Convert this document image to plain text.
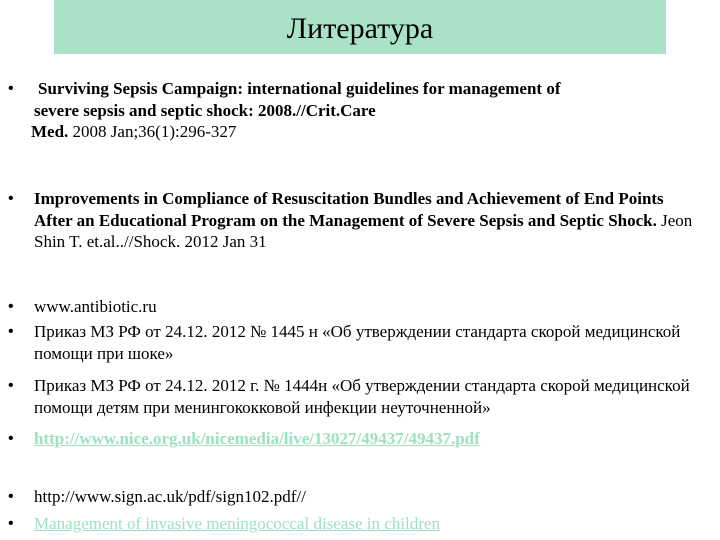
Литература
•	Surviving Sepsis Campaign: international guidelines for management of
severe sepsis and septic shock: 2008.//Crit.Care

Med. 2008 Jan;36(1):296-327
•	Improvements in Compliance of Resuscitation Bundles and Achievement of End Points After an Educational Program on the Management of Severe Sepsis and Septic Shock. Jeon Shin T. et.al..//Shock. 2012 Jan 31
•	www.antibiotic.ru
•	Приказ МЗ РФ от 24.12. 2012 № 1445 н «Об утверждении стандарта скорой медицинской помощи при шоке»
•	Приказ МЗ РФ от 24.12. 2012 г. № 1444н «Об утверждении стандарта скорой медицинской помощи детям при менингококковой инфекции неуточненной»
•	http://www.nice.org.uk/nicemedia/live/13027/49437/49437.pdf
•	http://www.sign.ac.uk/pdf/sign102.pdf//
•	Management of invasive meningococcal disease in children
